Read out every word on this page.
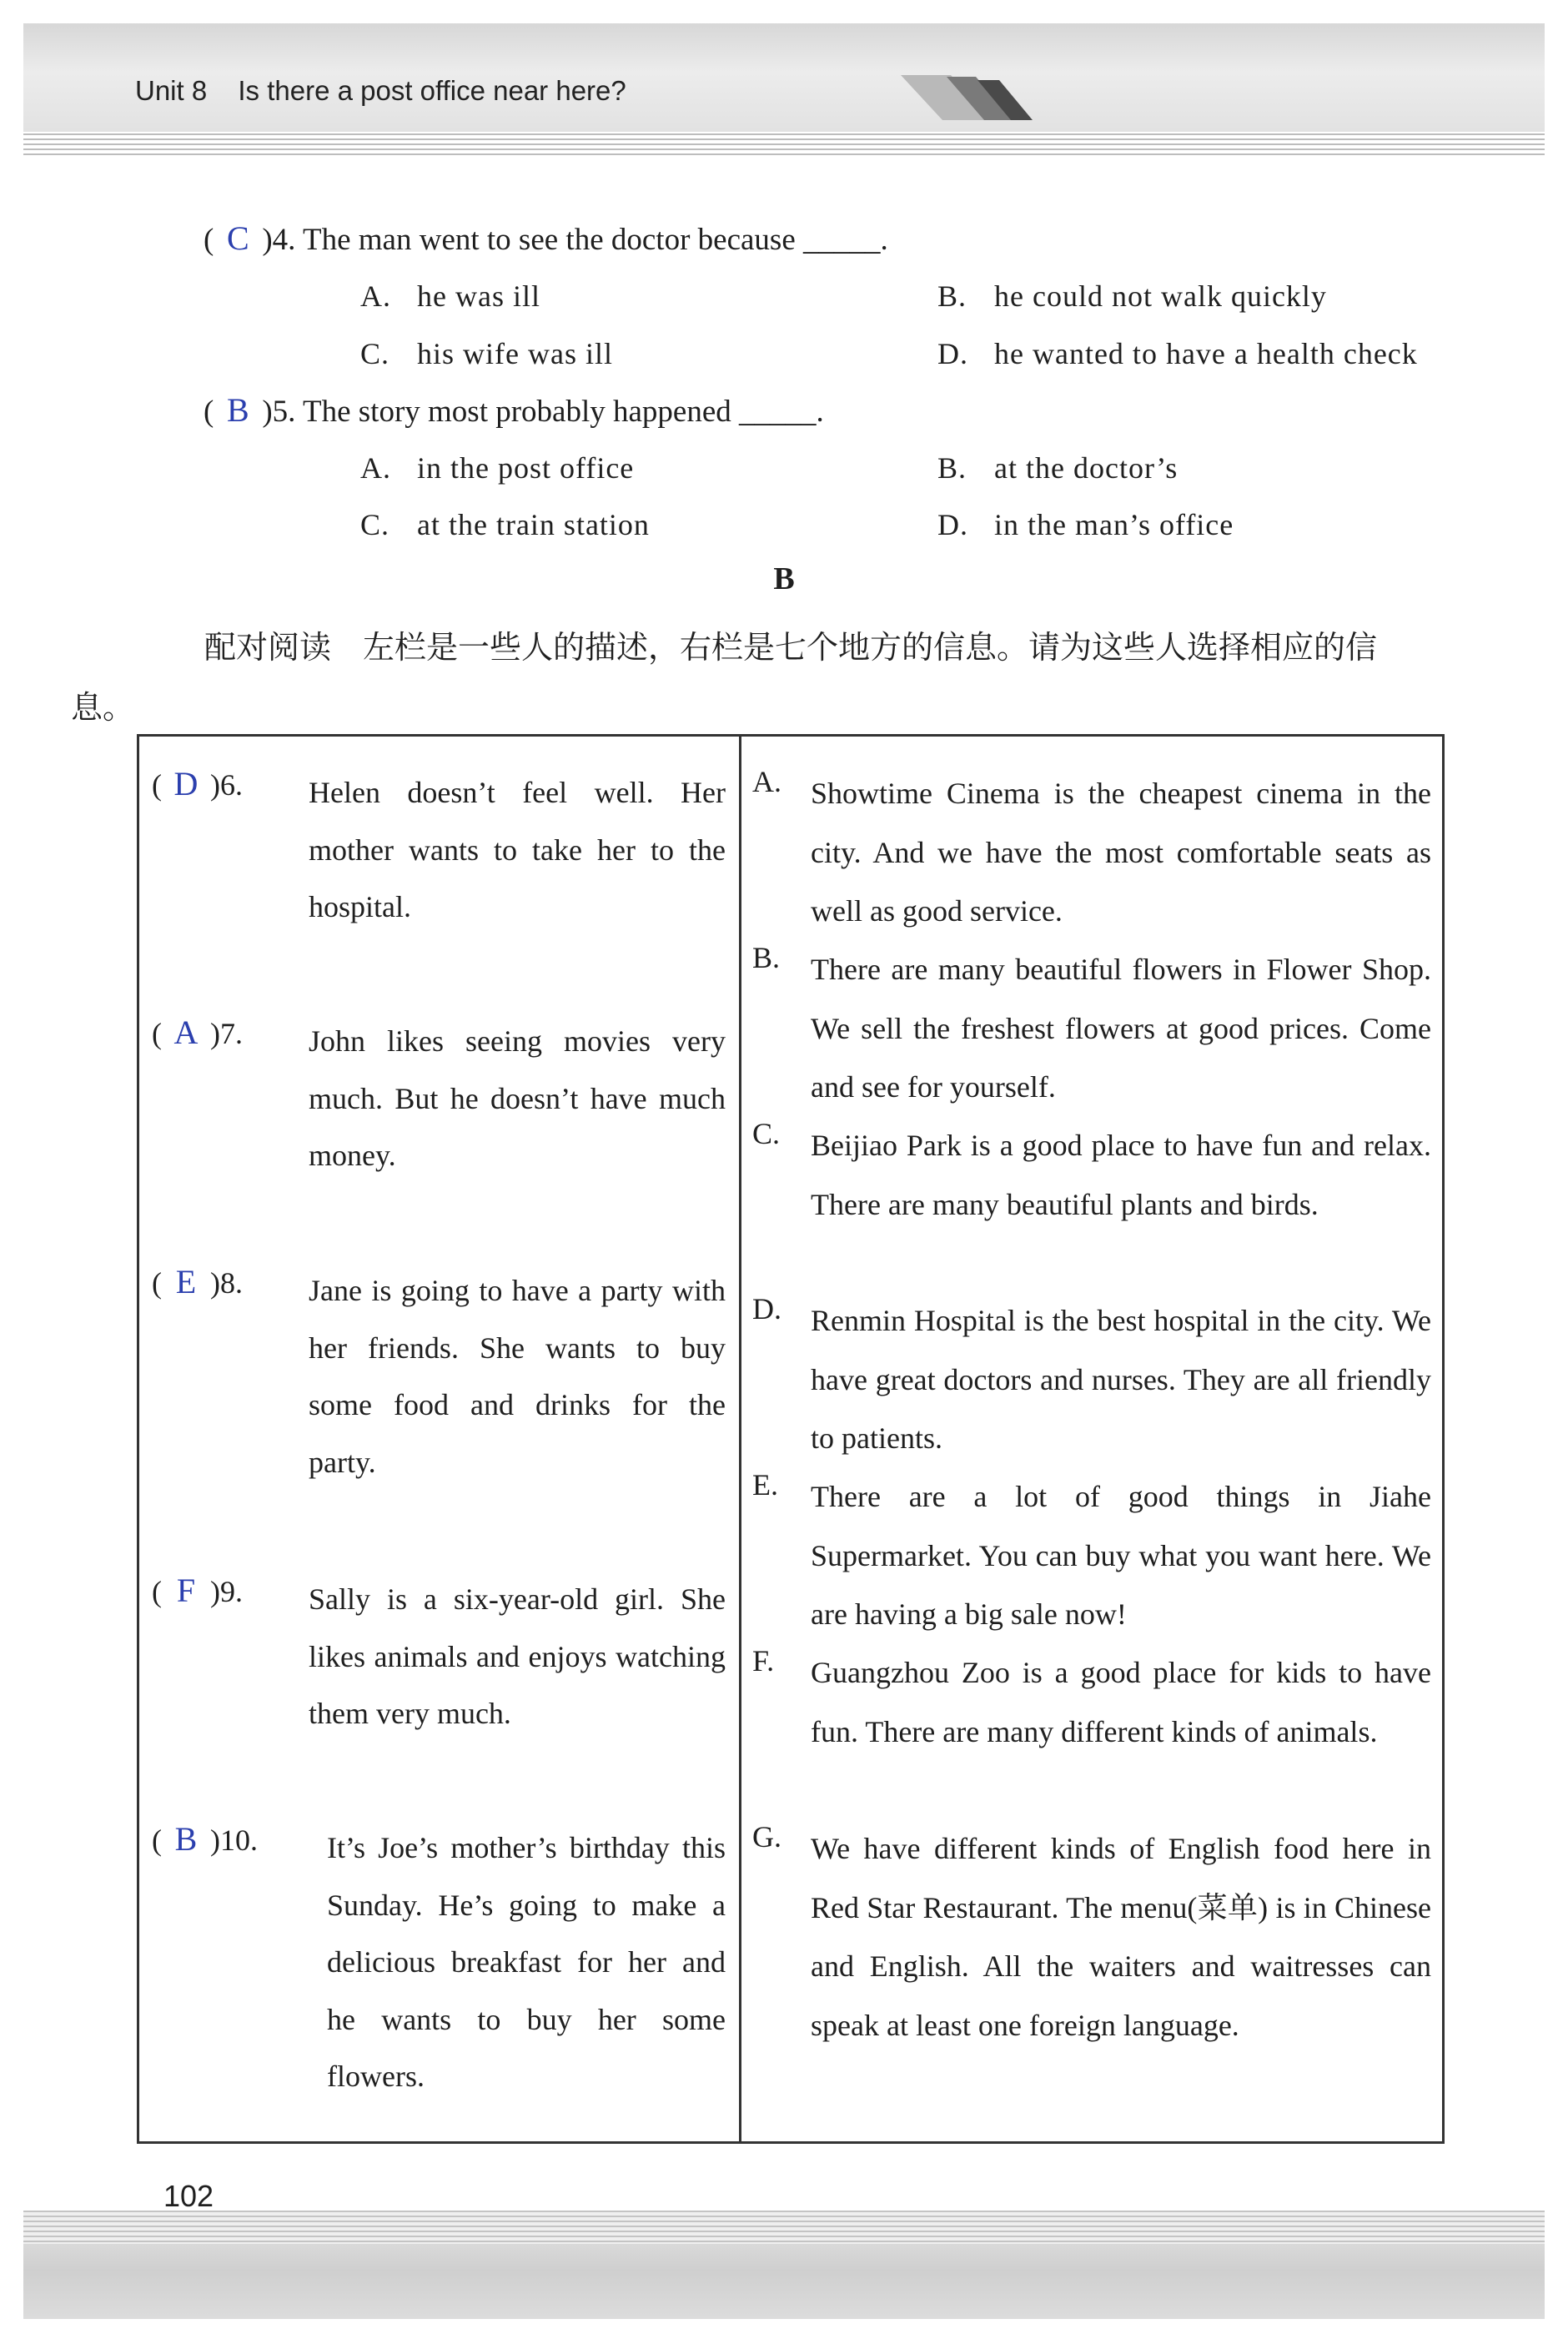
Unit 8 Is there a post office near here?
( C )4. The man went to see the doctor because _____.
A. he was ill	B. he could not walk quickly
C. his wife was ill	D. he wanted to have a health check
( B )5. The story most probably happened _____.
A. in the post office	B. at the doctor’s
C. at the train station	D. in the man’s office
B
配对阅读　左栏是一些人的描述，右栏是七个地方的信息。请为这些人选择相应的信息。
( D )6. Helen doesn’t feel well. Her mother wants to take her to the hospital.
( A )7. John likes seeing movies very much. But he doesn’t have much money.
( E )8. Jane is going to have a party with her friends. She wants to buy some food and drinks for the party.
( F )9. Sally is a six-year-old girl. She likes animals and enjoys watching them very much.
( B )10. It’s Joe’s mother’s birthday this Sunday. He’s going to make a delicious breakfast for her and he wants to buy her some flowers.
A. Showtime Cinema is the cheapest cinema in the city. And we have the most comfortable seats as well as good service.
B. There are many beautiful flowers in Flower Shop. We sell the freshest flowers at good prices. Come and see for yourself.
C. Beijiao Park is a good place to have fun and relax. There are many beautiful plants and birds.
D. Renmin Hospital is the best hospital in the city. We have great doctors and nurses. They are all friendly to patients.
E. There are a lot of good things in Jiahe Supermarket. You can buy what you want here. We are having a big sale now!
F. Guangzhou Zoo is a good place for kids to have fun. There are many different kinds of animals.
G. We have different kinds of English food here in Red Star Restaurant. The menu(菜单) is in Chinese and English. All the waiters and waitresses can speak at least one foreign language.
102
